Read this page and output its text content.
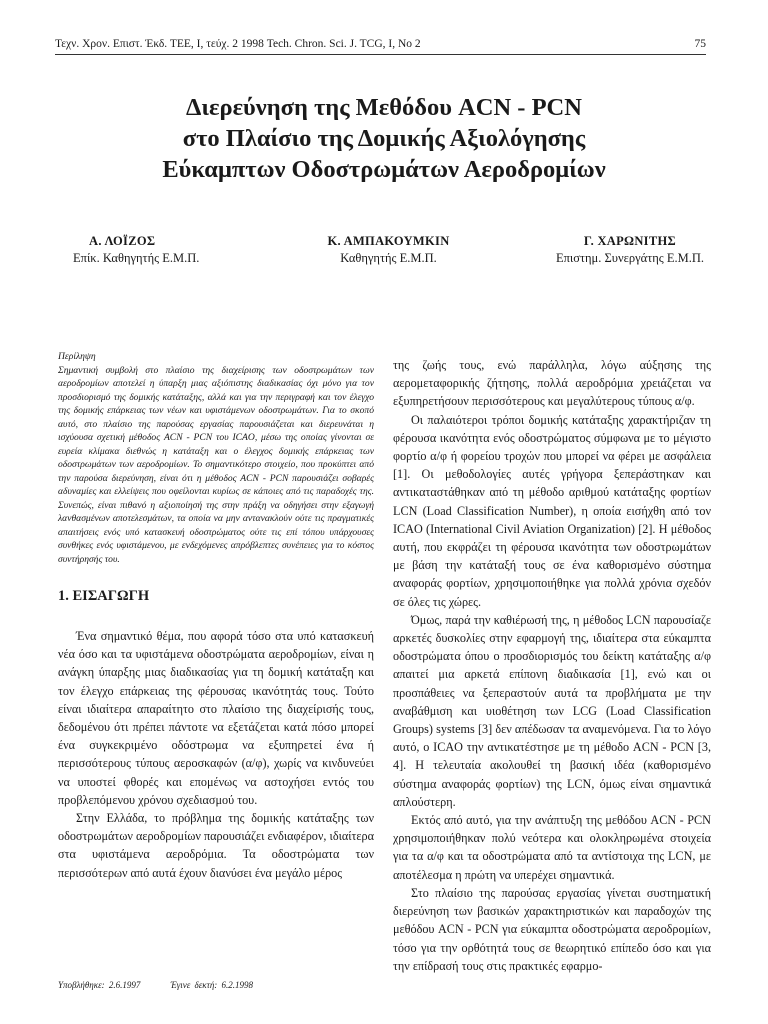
Τεχν. Χρον. Επιστ. Έκδ. ΤΕΕ, Ι, τεύχ. 2 1998 Tech. Chron. Sci. J. TCG, I, No 2	75
Διερεύνηση της Μεθόδου ACN - PCN
στο Πλαίσιο της Δομικής Αξιολόγησης
Εύκαμπτων Οδοστρωμάτων Αεροδρομίων
Α. ΛΟΪΖΟΣ
Επίκ. Καθηγητής Ε.Μ.Π.
Κ. ΑΜΠΑΚΟΥΜΚΙΝ
Καθηγητής Ε.Μ.Π.
Γ. ΧΑΡΩΝΙΤΗΣ
Επιστημ. Συνεργάτης Ε.Μ.Π.

Περίληψη

Σημαντική συμβολή στο πλαίσιο της διαχείρισης των οδοστρωμάτων των αεροδρομίων αποτελεί η ύπαρξη μιας αξιόπιστης διαδικασίας όχι μόνο για τον προσδιορισμό της δομικής κατάταξης, αλλά και για την περιγραφή και τον έλεγχο της δομικής επάρκειας των νέων και υφιστάμενων οδοστρωμάτων. Για το σκοπό αυτό, στο πλαίσιο της παρούσας εργασίας παρουσιάζεται και διερευνάται η ισχύουσα σχετική μέθοδος ACN - PCN του ICAO, μέσω της οποίας γίνονται σε ευρεία κλίμακα διεθνώς η κατάταξη και ο έλεγχος δομικής επάρκειας των οδοστρωμάτων των αεροδρομίων. Το σημαντικότερο στοιχείο, που προκύπτει από την παρούσα διερεύνηση, είναι ότι η μέθοδος ACN - PCN παρουσιάζει σοβαρές αδυναμίες και ελλείψεις που οφείλονται κυρίως σε κάποιες από τις παραδοχές της. Συνεπώς, είναι πιθανό η αξιοποίησή της στην πράξη να οδηγήσει στην εξαγωγή λανθασμένων αποτελεσμάτων, τα οποία να μην αντανακλούν ούτε τις πραγματικές απαιτήσεις ενός υπό κατασκευή οδοστρώματος ούτε τις επί τόπου υπάρχουσες συνθήκες ενός υφιστάμενου, με ενδεχόμενες απρόβλεπτες συνέπειες για το κόστος συντήρησής του.

1. ΕΙΣΑΓΩΓΗ

Ένα σημαντικό θέμα, που αφορά τόσο στα υπό κατασκευή νέα όσο και τα υφιστάμενα οδοστρώματα αεροδρομίων, είναι η ανάγκη ύπαρξης μιας διαδικασίας για τη δομική κατάταξη και τον έλεγχο επάρκειας της φέρουσας ικανότητάς τους. Τούτο είναι ιδιαίτερα απαραίτητο στο πλαίσιο της διαχείρισής τους, δεδομένου ότι πρέπει πάντοτε να εξετάζεται κατά πόσο μπορεί ένα συγκεκριμένο οδόστρωμα να εξυπηρετεί ένα ή περισσότερους τύπους αεροσκαφών (α/φ), χωρίς να κινδυνεύει να υποστεί φθορές και επομένως να αστοχήσει εντός του προβλεπόμενου χρόνου σχεδιασμού του.

Στην Ελλάδα, το πρόβλημα της δομικής κατάταξης των οδοστρωμάτων αεροδρομίων παρουσιάζει ενδιαφέρον, ιδιαίτερα στα υφιστάμενα αεροδρόμια. Τα οδοστρώματα των περισσότερων από αυτά έχουν διανύσει ένα μεγάλο μέρος

της ζωής τους, ενώ παράλληλα, λόγω αύξησης της αερομεταφορικής ζήτησης, πολλά αεροδρόμια χρειάζεται να εξυπηρετήσουν περισσότερους και μεγαλύτερους τύπους α/φ.

Οι παλαιότεροι τρόποι δομικής κατάταξης χαρακτήριζαν τη φέρουσα ικανότητα ενός οδοστρώματος σύμφωνα με το μέγιστο φορτίο α/φ ή φορείου τροχών που μπορεί να φέρει με ασφάλεια [1]. Οι μεθοδολογίες αυτές γρήγορα ξεπεράστηκαν και αντικαταστάθηκαν από τη μέθοδο αριθμού κατάταξης φορτίων LCN (Load Classification Number), η οποία εισήχθη από τον ICAO (International Civil Aviation Organization) [2]. Η μέθοδος αυτή, που εκφράζει τη φέρουσα ικανότητα των οδοστρωμάτων με βάση την κατάταξή τους σε ένα καθορισμένο σύστημα αναφοράς φορτίων, χρησιμοποιήθηκε για πολλά χρόνια σχεδόν σε όλες τις χώρες.

Όμως, παρά την καθιέρωσή της, η μέθοδος LCN παρουσίαζε αρκετές δυσκολίες στην εφαρμογή της, ιδιαίτερα στα εύκαμπτα οδοστρώματα όπου ο προσδιορισμός του δείκτη κατάταξης α/φ απαιτεί μια αρκετά επίπονη διαδικασία [1], ενώ και οι προσπάθειες να ξεπεραστούν αυτά τα προβλήματα με την αναβάθμιση και υιοθέτηση των LCG (Load Classification Groups) systems [3] δεν απέδωσαν τα αναμενόμενα. Για το λόγο αυτό, ο ICAO την αντικατέστησε με τη μέθοδο ACN - PCN [3, 4]. Η τελευταία ακολουθεί τη βασική ιδέα (καθορισμένο σύστημα αναφοράς φορτίων) της LCN, όμως είναι σημαντικά απλούστερη.

Εκτός από αυτό, για την ανάπτυξη της μεθόδου ACN - PCN χρησιμοποιήθηκαν πολύ νεότερα και ολοκληρωμένα στοιχεία για τα α/φ και τα οδοστρώματα από τα αντίστοιχα της LCN, με αποτέλεσμα η πρώτη να υπερέχει σημαντικά.

Στο πλαίσιο της παρούσας εργασίας γίνεται συστηματική διερεύνηση των βασικών χαρακτηριστικών και παραδοχών της μεθόδου ACN - PCN για εύκαμπτα οδοστρώματα αεροδρομίων, τόσο για την ορθότητά τους σε θεωρητικό επίπεδο όσο και για την επίδρασή τους στις πρακτικές εφαρμο-

Υποβλήθηκε: 2.6.1997	Έγινε δεκτή: 6.2.1998
